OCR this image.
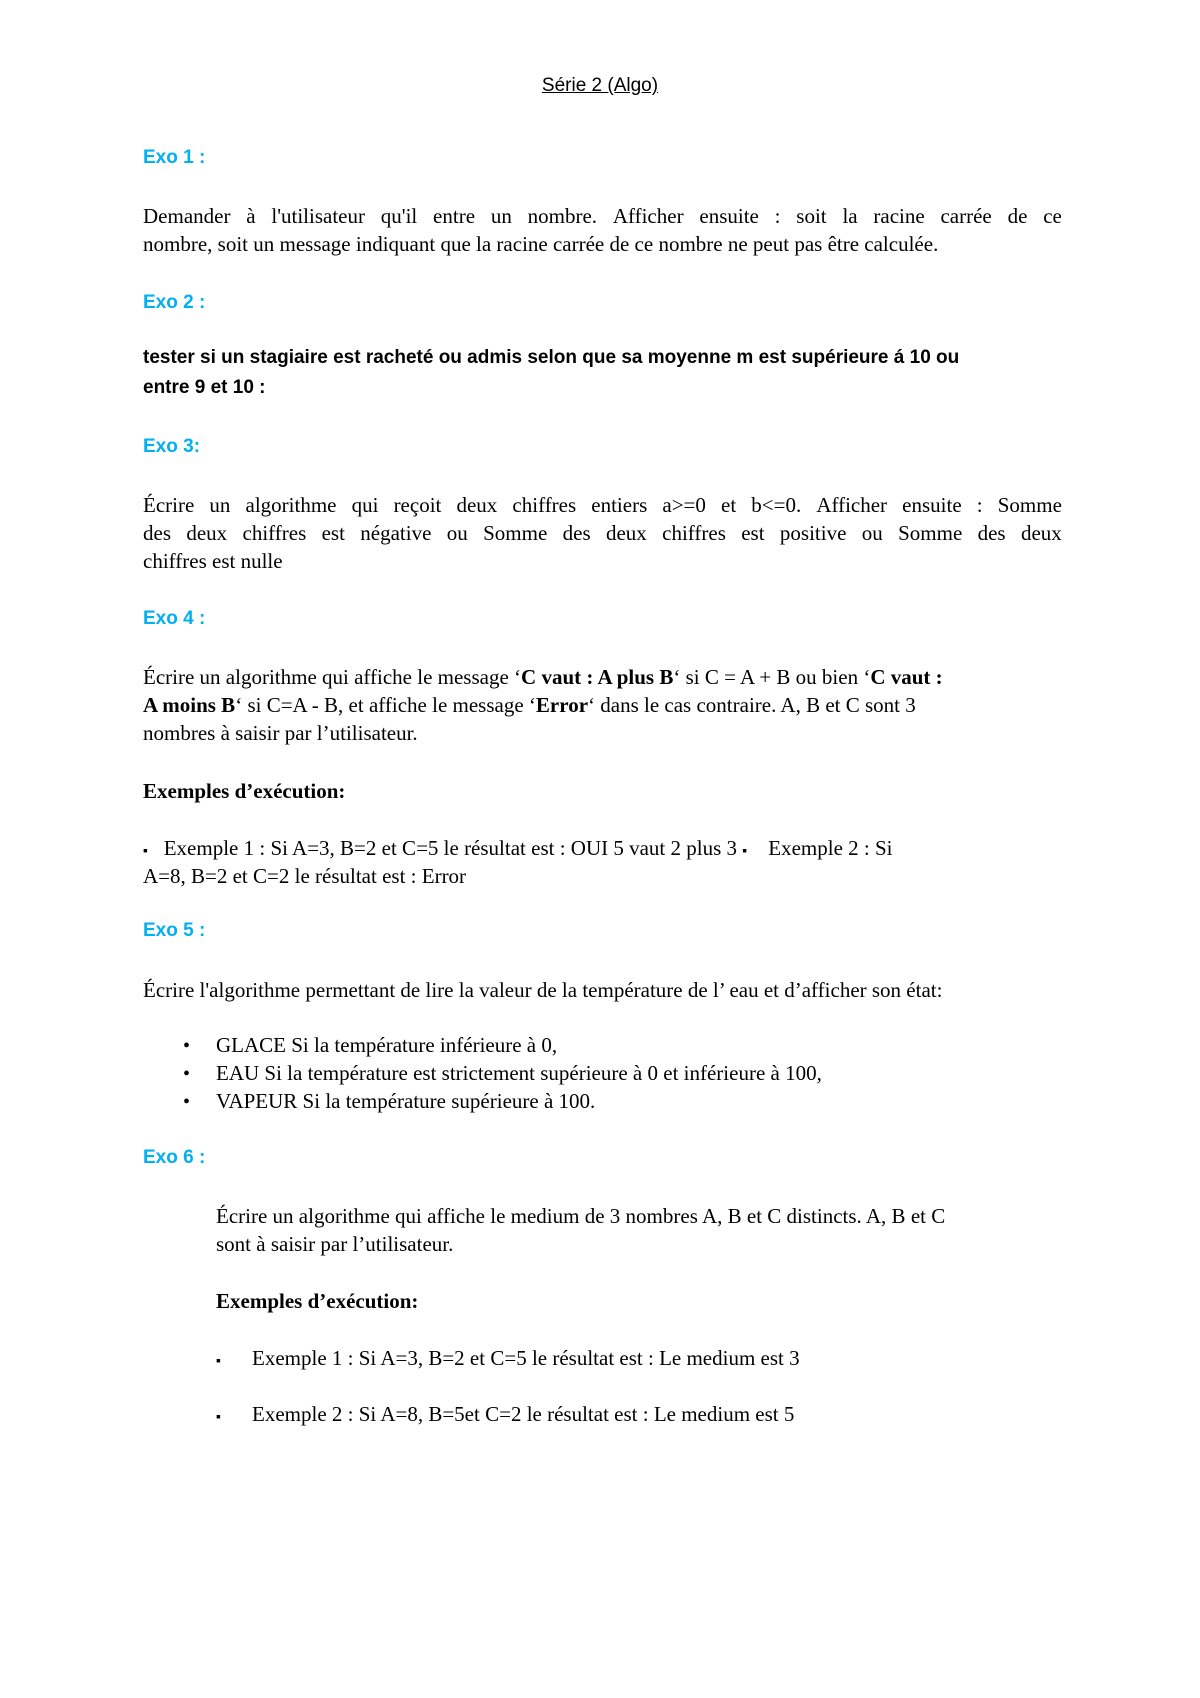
Série 2 (Algo)
Exo 1 :
Demander à l'utilisateur qu'il entre un nombre. Afficher ensuite : soit la racine carrée de ce
nombre, soit un message indiquant que la racine carrée de ce nombre ne peut pas être calculée.
Exo 2 :
tester si un stagiaire est racheté ou admis selon que sa moyenne m est supérieure á 10 ou
entre 9 et 10 :
Exo 3:
Écrire un algorithme qui reçoit deux chiffres entiers a>=0 et b<=0. Afficher ensuite : Somme
des deux chiffres est négative ou Somme des deux chiffres est positive ou Somme des deux
chiffres est nulle
Exo 4 :
Écrire un algorithme qui affiche le message ‘C vaut : A plus B‘ si C = A + B ou bien ‘C vaut :
A moins B‘ si C=A - B, et affiche le message ‘Error‘ dans le cas contraire. A, B et C sont 3
nombres à saisir par l’utilisateur.
Exemples d’exécution:
▪ Exemple 1 : Si A=3, B=2 et C=5 le résultat est : OUI 5 vaut 2 plus 3 ▪ Exemple 2 : Si
A=8, B=2 et C=2 le résultat est : Error
Exo 5 :
Écrire l'algorithme permettant de lire la valeur de la température de l’ eau et d’afficher son état:
• GLACE Si la température inférieure à 0,
• EAU Si la température est strictement supérieure à 0 et inférieure à 100,
• VAPEUR Si la température supérieure à 100.
Exo 6 :
Écrire un algorithme qui affiche le medium de 3 nombres A, B et C distincts. A, B et C
sont à saisir par l’utilisateur.
Exemples d’exécution:
▪ Exemple 1 : Si A=3, B=2 et C=5 le résultat est : Le medium est 3
▪ Exemple 2 : Si A=8, B=5et C=2 le résultat est : Le medium est 5
